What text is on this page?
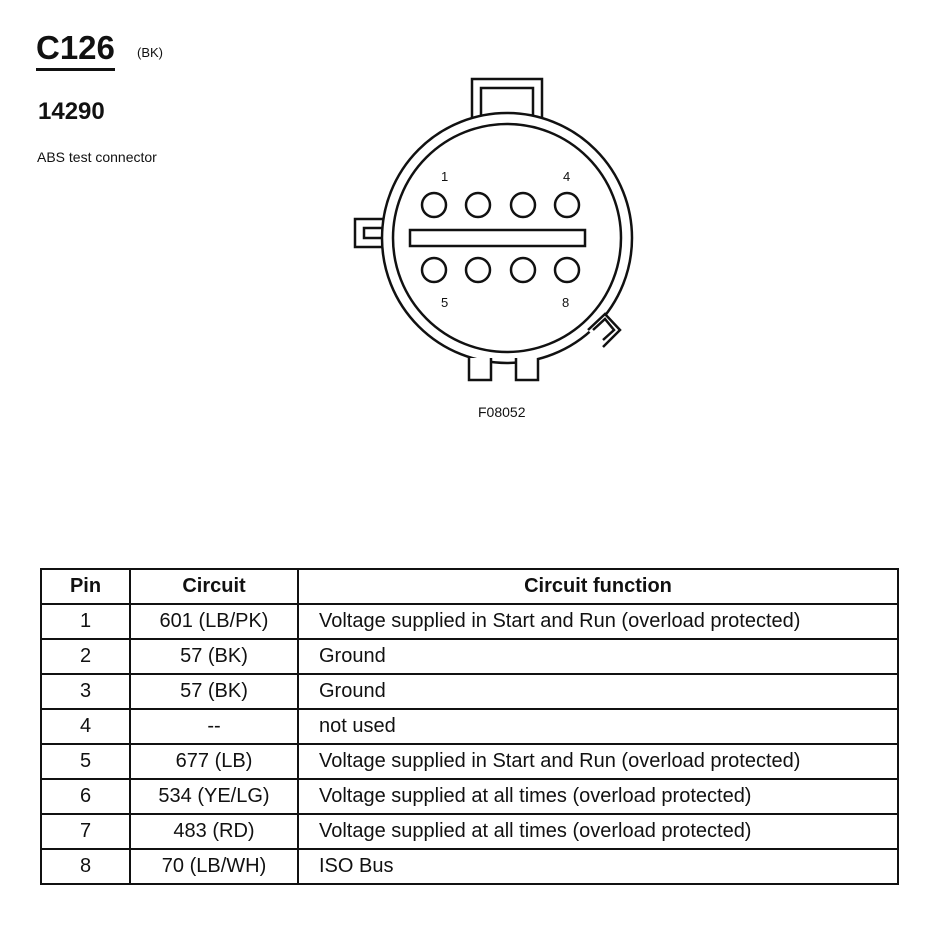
C126 (BK)
14290
ABS test connector
1	4
5	8
F08052
Pin	Circuit	Circuit function
1	601 (LB/PK)	Voltage supplied in Start and Run (overload protected)
2	57 (BK)	Ground
3	57 (BK)	Ground
4	--	not used
5	677 (LB)	Voltage supplied in Start and Run (overload protected)
6	534 (YE/LG)	Voltage supplied at all times (overload protected)
7	483 (RD)	Voltage supplied at all times (overload protected)
8	70 (LB/WH)	ISO Bus
